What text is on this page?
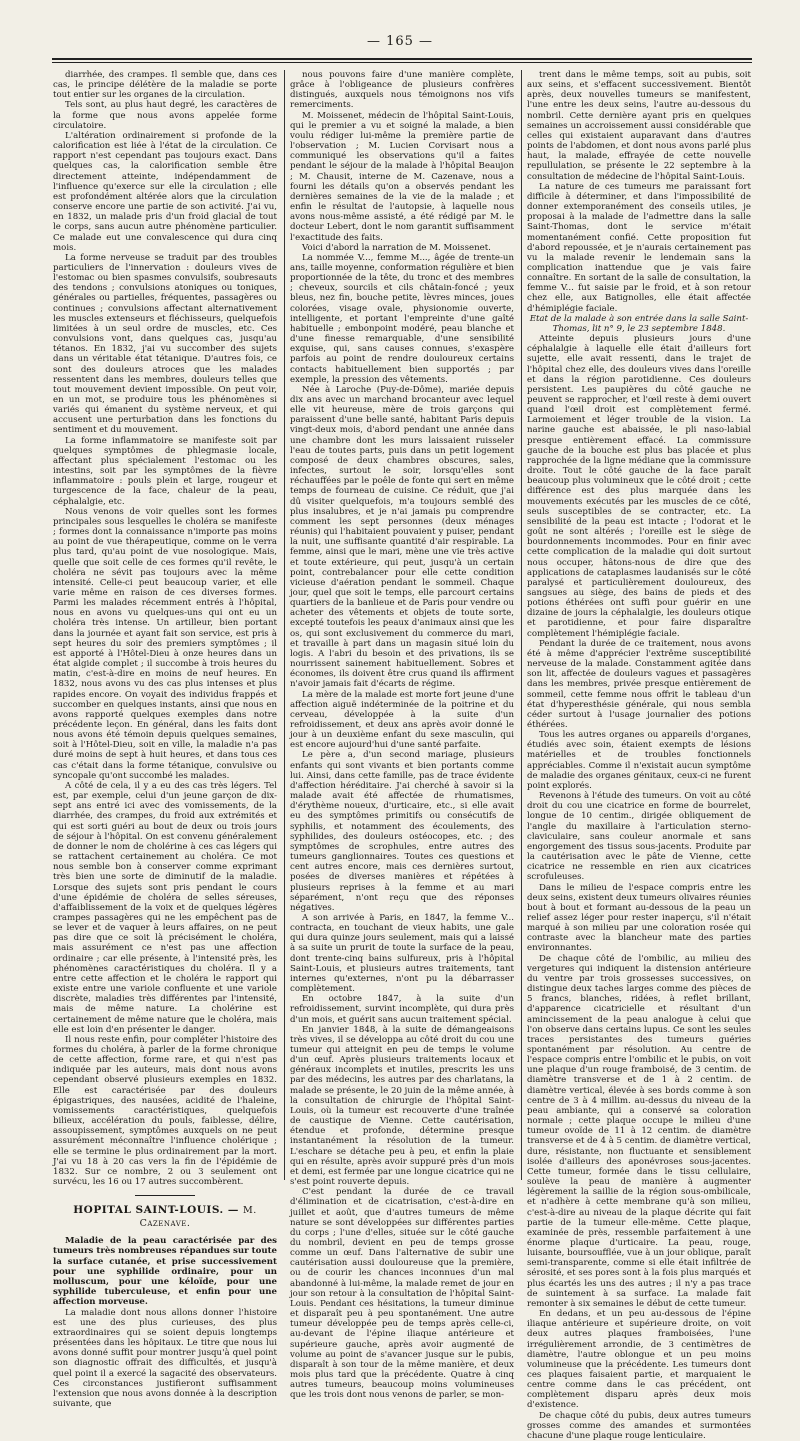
— 165 —

diarrhée, des crampes. Il semble que, dans ces cas, le principe délétère de la maladie se porte tout entier sur les organes de la circulation.

Tels sont, au plus haut degré, les caractères de la forme que nous avons appelée forme circulatoire.

L'altération ordinairement si profonde de la calorification est liée à l'état de la circulation. Ce rapport n'est cependant pas toujours exact. Dans quelques cas, la calorification semble être directement atteinte, indépendamment de l'influence qu'exerce sur elle la circulation ; elle est profondément altérée alors que la circulation conserve encore une partie de son activité. J'ai vu, en 1832, un malade pris d'un froid glacial de tout le corps, sans aucun autre phénomène particulier. Ce malade eut une convalescence qui dura cinq mois.

La forme nerveuse se traduit par des troubles particuliers de l'innervation : douleurs vives de l'estomac ou bien spasmes convulsifs, soubresauts des tendons ; convulsions atoniques ou toniques, générales ou partielles, fréquentes, passagères ou continues ; convulsions affectant alternativement les muscles extenseurs et fléchisseurs, quelquefois limitées à un seul ordre de muscles, etc. Ces convulsions vont, dans quelques cas, jusqu'au tétanos. En 1832, j'ai vu succomber des sujets dans un véritable état tétanique. D'autres fois, ce sont des douleurs atroces que les malades ressentent dans les membres, douleurs telles que tout mouvement devient impossible. On peut voir, en un mot, se produire tous les phénomènes si variés qui émanent du système nerveux, et qui accusent une perturbation dans les fonctions du sentiment et du mouvement.

La forme inflammatoire se manifeste soit par quelques symptômes de phlegmasie locale, affectant plus spécialement l'estomac ou les intestins, soit par les symptômes de la fièvre inflammatoire : pouls plein et large, rougeur et turgescence de la face, chaleur de la peau, céphalalgie, etc.

Nous venons de voir quelles sont les formes principales sous lesquelles le choléra se manifeste ; formes dont la connaissance n'importe pas moins au point de vue thérapeutique, comme on le verra plus tard, qu'au point de vue nosologique. Mais, quelle que soit celle de ces formes qu'il revête, le choléra ne sévit pas toujours avec la même intensité. Celle-ci peut beaucoup varier, et elle varie même en raison de ces diverses formes. Parmi les malades récemment entrés à l'hôpital, nous en avons vu quelques-uns qui ont eu un choléra très intense. Un artilleur, bien portant dans la journée et ayant fait son service, est pris à sept heures du soir des premiers symptômes ; il est apporté à l'Hôtel-Dieu à onze heures dans un état algide complet ; il succombe à trois heures du matin, c'est-à-dire en moins de neuf heures. En 1832, nous avons vu des cas plus intenses et plus rapides encore. On voyait des individus frappés et succomber en quelques instants, ainsi que nous en avons rapporté quelques exemples dans notre précédente leçon. En général, dans les faits dont nous avons été témoin depuis quelques semaines, soit à l'Hôtel-Dieu, soit en ville, la maladie n'a pas duré moins de sept à huit heures, et dans tous ces cas c'était dans la forme tétanique, convulsive ou syncopale qu'ont succombé les malades.

A côté de cela, il y a eu des cas très légers. Tel est, par exemple, celui d'un jeune garçon de dix-sept ans entré ici avec des vomissements, de la diarrhée, des crampes, du froid aux extrémités et qui est sorti guéri au bout de deux ou trois jours de séjour à l'hôpital. On est convenu généralement de donner le nom de cholérine à ces cas légers qui se rattachent certainement au choléra. Ce mot nous semble bon à conserver comme exprimant très bien une sorte de diminutif de la maladie. Lorsque des sujets sont pris pendant le cours d'une épidémie de choléra de selles séreuses, d'affaiblissement de la voix et de quelques légères crampes passagères qui ne les empêchent pas de se lever et de vaquer à leurs affaires, on ne peut pas dire que ce soit là précisément le choléra, mais assurément ce n'est pas une affection ordinaire ; car elle présente, à l'intensité près, les phénomènes caractéristiques du choléra. Il y a entre cette affection et le choléra le rapport qui existe entre une variole confluente et une variole discrète, maladies très différentes par l'intensité, mais de même nature. La cholérine est certainement de même nature que le choléra, mais elle est loin d'en présenter le danger.

Il nous reste enfin, pour compléter l'histoire des formes du choléra, à parler de la forme chronique de cette affection, forme rare, et qui n'est pas indiquée par les auteurs, mais dont nous avons cependant observé plusieurs exemples en 1832. Elle est caractérisée par des douleurs épigastriques, des nausées, acidité de l'haleine, vomissements caractéristiques, quelquefois bilieux, accélération du pouls, faiblesse, délire, assoupissement, symptômes auxquels on ne peut assurément méconnaître l'influence cholérique ; elle se termine le plus ordinairement par la mort. J'ai vu 18 à 20 cas vers la fin de l'épidémie de 1832. Sur ce nombre, 2 ou 3 seulement ont survécu, les 16 ou 17 autres succombèrent.

HOPITAL SAINT-LOUIS. — M. Cazenave.

Maladie de la peau caractérisée par des tumeurs très nombreuses répandues sur toute la surface cutanée, et prise successivement pour une syphilide ordinaire, pour un molluscum, pour une kéloïde, pour une syphilide tuberculeuse, et enfin pour une affection morveuse.

La maladie dont nous allons donner l'histoire est une des plus curieuses, des plus extraordinaires qui se soient depuis longtemps présentées dans les hôpitaux. Le titre que nous lui avons donné suffit pour montrer jusqu'à quel point son diagnostic offrait des difficultés, et jusqu'à quel point il a exercé la sagacité des observateurs. Ces circonstances justifieront suffisamment l'extension que nous avons donnée à la description suivante, que

nous pouvons faire d'une manière complète, grâce à l'obligeance de plusieurs confrères distingués, auxquels nous témoignons nos vifs remerciments.

M. Moissenet, médecin de l'hôpital Saint-Louis, qui le premier a vu et soigné la malade, a bien voulu rédiger lui-même la première partie de l'observation ; M. Lucien Corvisart nous a communiqué les observations qu'il a faites pendant le séjour de la malade à l'hôpital Beaujon ; M. Chausit, interne de M. Cazenave, nous a fourni les détails qu'on a observés pendant les dernières semaines de la vie de la malade ; et enfin le résultat de l'autopsie, à laquelle nous avons nous-même assisté, a été rédigé par M. le docteur Lebert, dont le nom garantit suffisamment l'exactitude des faits.

Voici d'abord la narration de M. Moissenet.

La nommée V..., femme M..., âgée de trente-un ans, taille moyenne, conformation régulière et bien proportionnée de la tête, du tronc et des membres ; cheveux, sourcils et cils châtain-foncé ; yeux bleus, nez fin, bouche petite, lèvres minces, joues colorées, visage ovale, physionomie ouverte, intelligente, et portant l'empreinte d'une gaîté habituelle ; embonpoint modéré, peau blanche et d'une finesse remarquable, d'une sensibilité exquise, qui, sans causes connues, s'exaspère parfois au point de rendre douloureux certains contacts habituellement bien supportés ; par exemple, la pression des vêtements.

Née à Laroche (Puy-de-Dôme), mariée depuis dix ans avec un marchand brocanteur avec lequel elle vit heureuse, mère de trois garçons qui paraissent d'une belle santé, habitant Paris depuis vingt-deux mois, d'abord pendant une année dans une chambre dont les murs laissaient ruisseler l'eau de toutes parts, puis dans un petit logement composé de deux chambres obscures, sales, infectes, surtout le soir, lorsqu'elles sont réchauffées par le poêle de fonte qui sert en même temps de fourneau de cuisine. Ce réduit, que j'ai dû visiter quelquefois, m'a toujours semblé des plus insalubres, et je n'ai jamais pu comprendre comment les sept personnes (deux ménages réunis) qui l'habitaient pouvaient y puiser, pendant la nuit, une suffisante quantité d'air respirable. La femme, ainsi que le mari, mène une vie très active et toute extérieure, qui peut, jusqu'à un certain point, contrebalancer pour elle cette condition vicieuse d'aération pendant le sommeil. Chaque jour, quel que soit le temps, elle parcourt certains quartiers de la banlieue et de Paris pour vendre ou acheter des vêtements et objets de toute sorte, excepté toutefois les peaux d'animaux ainsi que les os, qui sont exclusivement du commerce du mari, et travaille à part dans un magasin situé loin du logis. A l'abri du besoin et des privations, ils se nourrissent sainement habituellement. Sobres et économes, ils doivent être crus quand ils affirment n'avoir jamais fait d'écarts de régime.

La mère de la malade est morte fort jeune d'une affection aiguë indéterminée de la poitrine et du cerveau, développée à la suite d'un refroidissement, et deux ans après avoir donné le jour à un deuxième enfant du sexe masculin, qui est encore aujourd'hui d'une santé parfaite.

Le père a, d'un second mariage, plusieurs enfants qui sont vivants et bien portants comme lui. Ainsi, dans cette famille, pas de trace évidente d'affection héréditaire. J'ai cherché à savoir si la malade avait été affectée de rhumatismes, d'érythème noueux, d'urticaire, etc., si elle avait eu des symptômes primitifs ou consécutifs de syphilis, et notamment des écoulements, des syphilides, des douleurs ostéocopes, etc. ; des symptômes de scrophules, entre autres des tumeurs ganglionnaires. Toutes ces questions et cent autres encore, mais ces dernières surtout, posées de diverses manières et répétées à plusieurs reprises à la femme et au mari séparément, n'ont reçu que des réponses négatives.

A son arrivée à Paris, en 1847, la femme V... contracta, en touchant de vieux habits, une gale qui dura quinze jours seulement, mais qui a laissé à sa suite un prurit de toute la surface de la peau, dont trente-cinq bains sulfureux, pris à l'hôpital Saint-Louis, et plusieurs autres traitements, tant internes qu'externes, n'ont pu la débarrasser complètement.

En octobre 1847, à la suite d'un refroidissement, survint incomplète, qui dura près d'un mois, et guérit sans aucun traitement spécial.

En janvier 1848, à la suite de démangeaisons très vives, il se développa au côté droit du cou une tumeur qui atteignit en peu de temps le volume d'un œuf. Après plusieurs traitements locaux et généraux incomplets et inutiles, prescrits les uns par des médecins, les autres par des charlatans, la malade se présente, le 20 juin de la même année, à la consultation de chirurgie de l'hôpital Saint-Louis, où la tumeur est recouverte d'une traînée de caustique de Vienne. Cette cautérisation, étendue et profonde, détermine presque instantanément la résolution de la tumeur. L'eschare se détache peu à peu, et enfin la plaie qui en résulte, après avoir suppuré près d'un mois et demi, est fermée par une longue cicatrice qui ne s'est point rouverte depuis.

C'est pendant la durée de ce travail d'élimination et de cicatrisation, c'est-à-dire en juillet et août, que d'autres tumeurs de même nature se sont développées sur différentes parties du corps ; l'une d'elles, située sur le côté gauche du nombril, devient en peu de temps grosse comme un œuf. Dans l'alternative de subir une cautérisation aussi douloureuse que la première, ou de courir les chances inconnues d'un mal abandonné à lui-même, la malade remet de jour en jour son retour à la consultation de l'hôpital Saint-Louis. Pendant ces hésitations, la tumeur diminue et disparaît peu à peu spontanément. Une autre tumeur développée peu de temps après celle-ci, au-devant de l'épine iliaque antérieure et supérieure gauche, après avoir augmenté de volume au point de s'avancer jusque sur le pubis, disparaît à son tour de la même manière, et deux mois plus tard que la précédente. Quatre à cinq autres tumeurs, beaucoup moins volumineuses que les trois dont nous venons de parler, se mon-

trent dans le même temps, soit au pubis, soit aux seins, et s'effacent successivement. Bientôt après, deux nouvelles tumeurs se manifestent, l'une entre les deux seins, l'autre au-dessous du nombril. Cette dernière ayant pris en quelques semaines un accroissement aussi considérable que celles qui existaient auparavant dans d'autres points de l'abdomen, et dont nous avons parlé plus haut, la malade, effrayée de cette nouvelle repullulation, se présente le 22 septembre à la consultation de médecine de l'hôpital Saint-Louis.

La nature de ces tumeurs me paraissant fort difficile à déterminer, et dans l'impossibilité de donner extemporanément des conseils utiles, je proposai à la malade de l'admettre dans la salle Saint-Thomas, dont le service m'était momentanément confié. Cette proposition fut d'abord repoussée, et je n'aurais certainement pas vu la malade revenir le lendemain sans la complication inattendue que je vais faire connaître. En sortant de la salle de consultation, la femme V... fut saisie par le froid, et à son retour chez elle, aux Batignolles, elle était affectée d'hémiplégie faciale.

Etat de la malade à son entrée dans la salle Saint-Thomas, lit n° 9, le 23 septembre 1848.

Atteinte depuis plusieurs jours d'une céphalalgie à laquelle elle était d'ailleurs fort sujette, elle avait ressenti, dans le trajet de l'hôpital chez elle, des douleurs vives dans l'oreille et dans la région parotidienne. Ces douleurs persistent. Les paupières du côté gauche ne peuvent se rapprocher, et l'œil reste à demi ouvert quand l'œil droit est complètement fermé. Larmoiement et léger trouble de la vision. La narine gauche est abaissée, le pli naso-labial presque entièrement effacé. La commissure gauche de la bouche est plus bas placée et plus rapprochée de la ligne médiane que la commissure droite. Tout le côté gauche de la face paraît beaucoup plus volumineux que le côté droit ; cette différence est des plus marquée dans les mouvements exécutés par les muscles de ce côté, seuls susceptibles de se contracter, etc. La sensibilité de la peau est intacte ; l'odorat et le goût ne sont altérés ; l'oreille est le siège de bourdonnements incommodes. Pour en finir avec cette complication de la maladie qui doit surtout nous occuper, hâtons-nous de dire que des applications de cataplasmes laudanisés sur le côté paralysé et particulièrement douloureux, des sangsues au siège, des bains de pieds et des potions éthérées ont suffi pour guérir en une dizaine de jours la céphalalgie, les douleurs otique et parotidienne, et pour faire disparaître complètement l'hémiplégie faciale.

Pendant la durée de ce traitement, nous avons été à même d'apprécier l'extrême susceptibilité nerveuse de la malade. Constamment agitée dans son lit, affectée de douleurs vagues et passagères dans les membres, privée presque entièrement de sommeil, cette femme nous offrit le tableau d'un état d'hyperesthésie générale, qui nous sembla céder surtout à l'usage journalier des potions éthérées.

Tous les autres organes ou appareils d'organes, étudiés avec soin, étaient exempts de lésions matérielles et de troubles fonctionnels appréciables. Comme il n'existait aucun symptôme de maladie des organes génitaux, ceux-ci ne furent point explorés.

Revenons à l'étude des tumeurs. On voit au côté droit du cou une cicatrice en forme de bourrelet, longue de 10 centim., dirigée obliquement de l'angle du maxillaire à l'articulation sterno-claviculaire, sans couleur anormale et sans engorgement des tissus sous-jacents. Produite par la cautérisation avec le pâte de Vienne, cette cicatrice ne ressemble en rien aux cicatrices scrofuleuses.

Dans le milieu de l'espace compris entre les deux seins, existent deux tumeurs olivaires réunies bout à bout et formant au-dessous de la peau un relief assez léger pour rester inaperçu, s'il n'était marqué à son milieu par une coloration rosée qui contraste avec la blancheur mate des parties environnantes.

De chaque côté de l'ombilic, au milieu des vergetures qui indiquent la distension antérieure du ventre par trois grossesses successives, on distingue deux taches larges comme des pièces de 5 francs, blanches, ridées, à reflet brillant, d'apparence cicatricielle et résultant d'un amincissement de la peau analogue à celui que l'on observe dans certains lupus. Ce sont les seules traces persistantes des tumeurs guéries spontanément par résolution. Au centre de l'espace compris entre l'ombilic et le pubis, on voit une plaque d'un rouge framboisé, de 3 centim. de diamètre transverse et de 1 à 2 centim. de diamètre vertical, élevée à ses bords comme à son centre de 3 à 4 millim. au-dessus du niveau de la peau ambiante, qui a conservé sa coloration normale ; cette plaque occupe le milieu d'une tumeur ovoïde de 11 à 12 centim. de diamètre transverse et de 4 à 5 centim. de diamètre vertical, dure, résistante, non fluctuante et sensiblement isolée d'ailleurs des aponévroses sous-jacentes. Cette tumeur, formée dans le tissu cellulaire, soulève la peau de manière à augmenter légèrement la saillie de la région sous-ombilicale, et n'adhère à cette membrane qu'à son milieu, c'est-à-dire au niveau de la plaque décrite qui fait partie de la tumeur elle-même. Cette plaque, examinée de près, ressemble parfaitement à une énorme plaque d'urticaire. La peau, rouge, luisante, boursoufflée, vue à un jour oblique, paraît semi-transparente, comme si elle était infiltrée de sérosité, et ses pores sont à la fois plus marqués et plus écartés les uns des autres ; il n'y a pas trace de suintement à sa surface. La malade fait remonter à six semaines le début de cette tumeur.

En dedans, et un peu au-dessous de l'épine iliaque antérieure et supérieure droite, on voit deux autres plaques framboisées, l'une irrégulièrement arrondie, de 3 centimètres de diamètre, l'autre oblongue et un peu moins volumineuse que la précédente. Les tumeurs dont ces plaques faisaient partie, et marquaient le centre comme dans le cas précédent, ont complètement disparu après deux mois d'existence.

De chaque côté du pubis, deux autres tumeurs grosses comme des amandes et surmontées chacune d'une plaque rouge lenticulaire.
